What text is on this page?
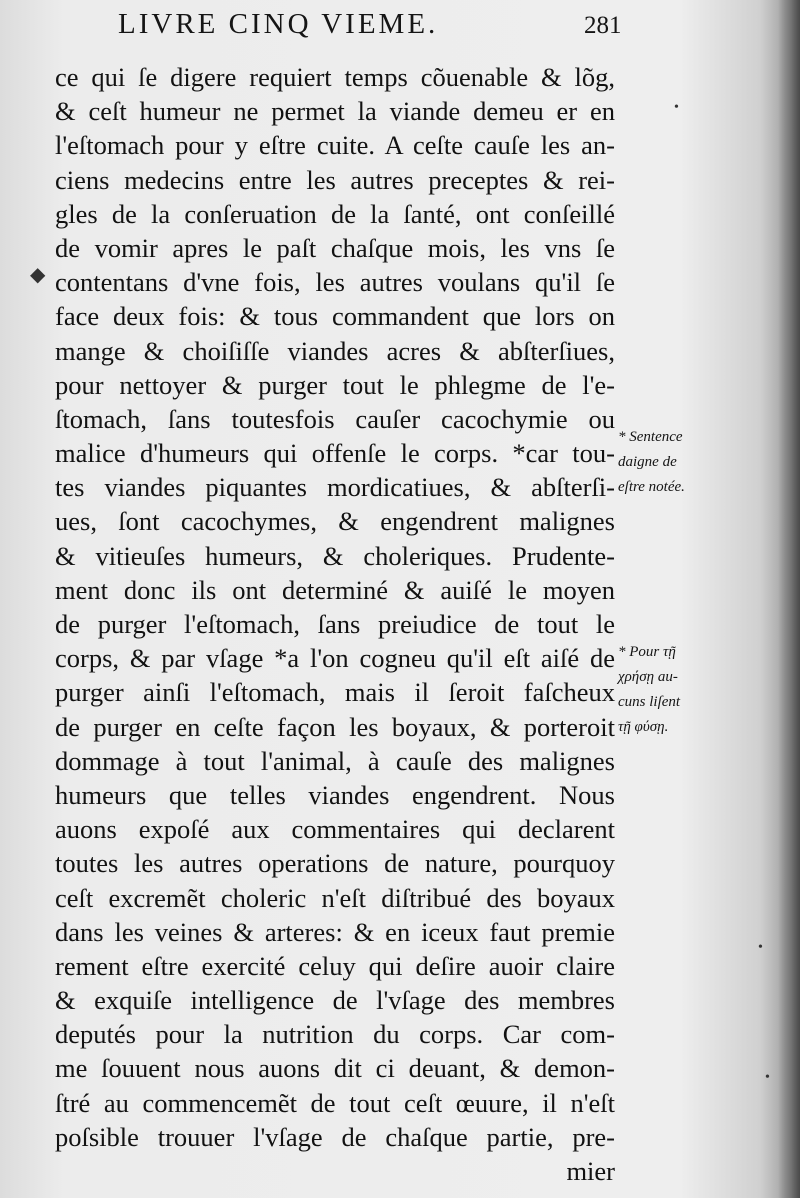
LIVRE CINQ VIEME.	281
ce qui ſe digere requiert temps cõuenable & lõg,
& ceſt humeur ne permet la viande demeu er en
l'eſtomach pour y eſtre cuite. A ceſte cauſe les an-
ciens medecins entre les autres preceptes & rei-
gles de la conſeruation de la ſanté, ont conſeillé
de vomir apres le paſt chaſque mois, les vns ſe
contentans d'vne fois, les autres voulans qu'il ſe
face deux fois: & tous commandent que lors on
mange & choiſiſſe viandes acres & abſterſiues,
pour nettoyer & purger tout le phlegme de l'e-
ſtomach, ſans toutesfois cauſer cacochymie ou
malice d'humeurs qui offenſe le corps. *car tou-
tes viandes piquantes mordicatiues, & abſterſi-
ues, ſont cacochymes, & engendrent malignes
& vitieuſes humeurs, & choleriques. Prudente-
ment donc ils ont determiné & auiſé le moyen
de purger l'eſtomach, ſans preiudice de tout le
corps, & par vſage *a l'on cogneu qu'il eſt aiſé de
purger ainſi l'eſtomach, mais il ſeroit faſcheux
de purger en ceſte façon les boyaux, & porteroit
dommage à tout l'animal, à cauſe des malignes
humeurs que telles viandes engendrent. Nous
auons expoſé aux commentaires qui declarent
toutes les autres operations de nature, pourquoy
ceſt excremẽt choleric n'eſt diſtribué des boyaux
dans les veines & arteres: & en iceux faut premie
rement eſtre exercité celuy qui deſire auoir claire
& exquiſe intelligence de l'vſage des membres
deputés pour la nutrition du corps. Car com-
me ſouuent nous auons dit ci deuant, & demon-
ſtré au commencemẽt de tout ceſt œuure, il n'eſt
poſsible trouuer l'vſage de chaſque partie, pre-
mier
* Sentence
daigne de
eſtre notée.
* Pour τῇ
χρήσῃ au-
cuns liſent
τῇ φύσῃ.
◆
•
•
•
